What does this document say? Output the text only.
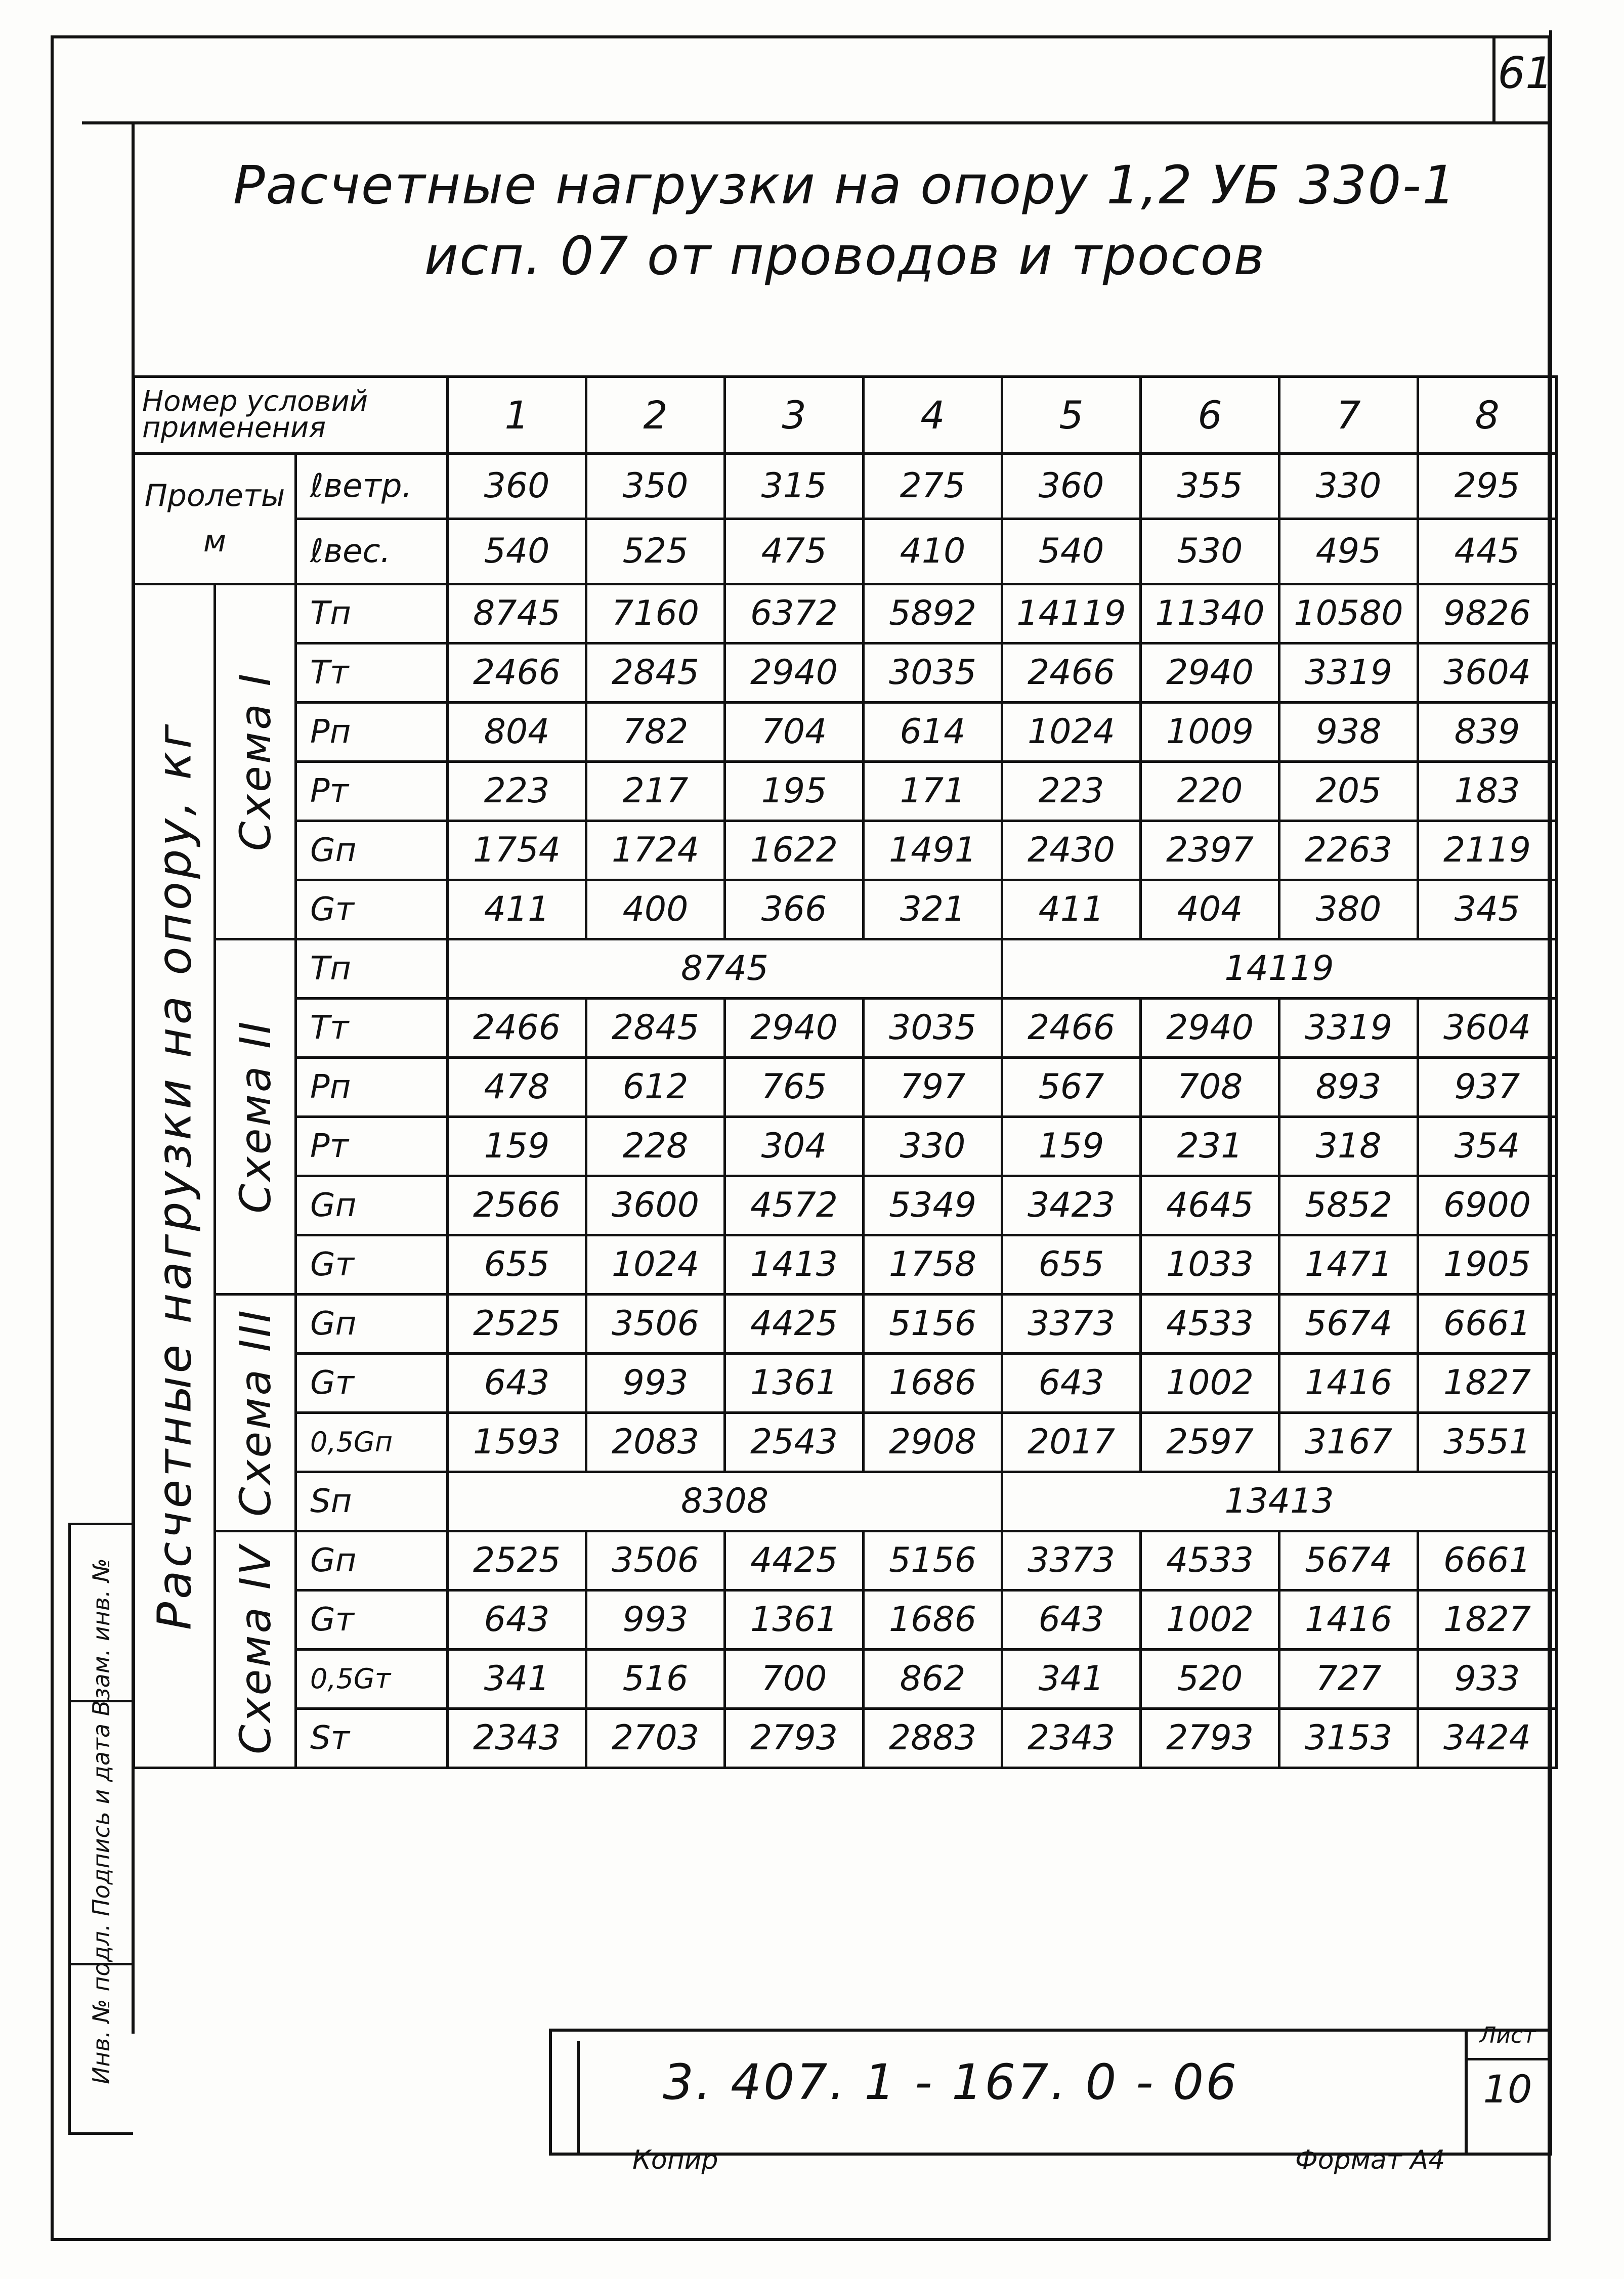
61
Расчетные нагрузки на опору 1,2 УБ 330-1
исп. 07 от проводов и тросов
Номер условий применения			1	2	3	4	5	6	7	8

Пролеты
м		ℓветр.	360	350	315	275	360	355	330	295
		ℓвес.	540	525	475	410	540	530	495	445

Расчетные нагрузки на опору, кг	Схема I	Тп	8745	7160	6372	5892	14119	11340	10580	9826
		Тт	2466	2845	2940	3035	2466	2940	3319	3604
		Рп	804	782	704	614	1024	1009	938	839
		Рт	223	217	195	171	223	220	205	183
		Gп	1754	1724	1622	1491	2430	2397	2263	2119
		Gт	411	400	366	321	411	404	380	345

	Схема II	Тп	8745				14119			
		Тт	2466	2845	2940	3035	2466	2940	3319	3604
		Рп	478	612	765	797	567	708	893	937
		Рт	159	228	304	330	159	231	318	354
		Gп	2566	3600	4572	5349	3423	4645	5852	6900
		Gт	655	1024	1413	1758	655	1033	1471	1905

	Схема III	Gп	2525	3506	4425	5156	3373	4533	5674	6661
		Gт	643	993	1361	1686	643	1002	1416	1827
		0,5Gп	1593	2083	2543	2908	2017	2597	3167	3551
		Sп	8308				13413			

	Схема IV	Gп	2525	3506	4425	5156	3373	4533	5674	6661
		Gт	643	993	1361	1686	643	1002	1416	1827
		0,5Gт	341	516	700	862	341	520	727	933
		Sт	2343	2703	2793	2883	2343	2793	3153	3424
Инв. № подл. Подпись и дата Взам. инв. №	3. 407. 1 - 167. 0 - 06
Лист
10
Копир	Формат А4
